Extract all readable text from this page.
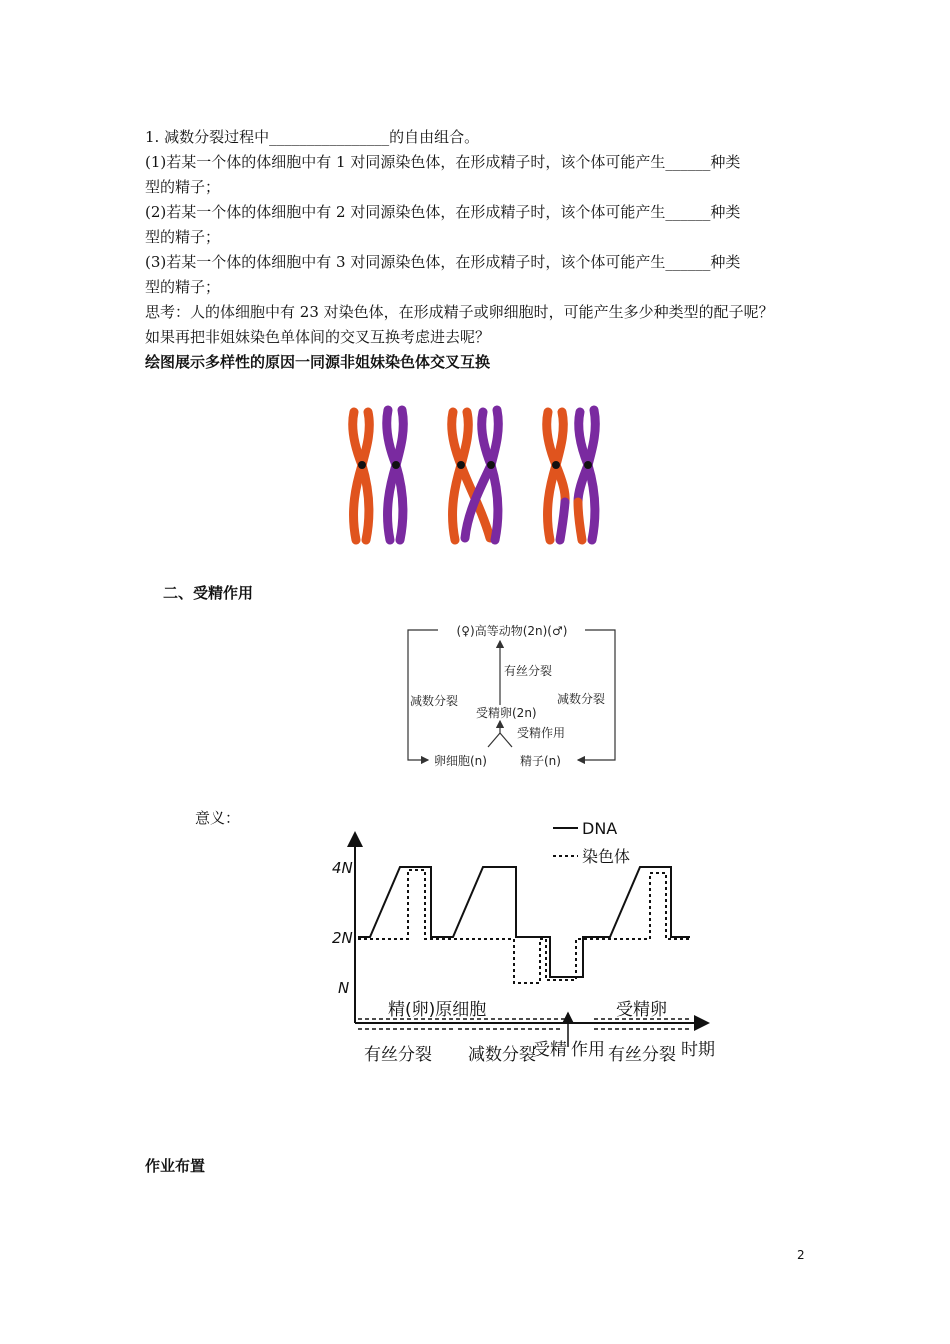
1. 减数分裂过程中________________的自由组合。
(1)若某一个体的体细胞中有 1 对同源染色体，在形成精子时，该个体可能产生______种类
型的精子；
(2)若某一个体的体细胞中有 2 对同源染色体，在形成精子时，该个体可能产生______种类
型的精子；
(3)若某一个体的体细胞中有 3 对同源染色体，在形成精子时，该个体可能产生______种类
型的精子；
思考：人的体细胞中有 23 对染色体，在形成精子或卵细胞时，可能产生多少种类型的配子呢？
如果再把非姐妹染色单体间的交叉互换考虑进去呢？
绘图展示多样性的原因一同源非姐妹染色体交叉互换
二、受精作用
(♀)高等动物(2n)(♂)
有丝分裂
减数分裂	减数分裂
受精卵(2n)
受精作用
卵细胞(n)	精子(n)
意义：
DNA
染色体
4N
2N
N
精(卵)原细胞	受精卵
有丝分裂 减数分裂
受精 作用 有丝分裂 时期
作业布置
2
